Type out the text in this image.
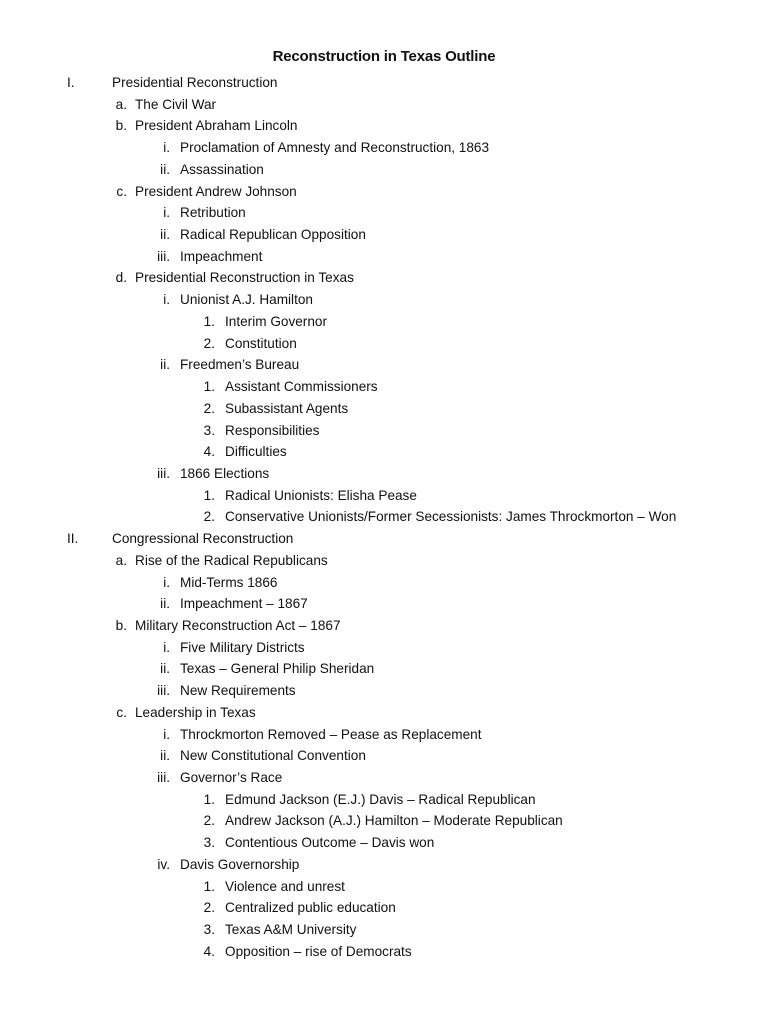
Reconstruction in Texas Outline
I.	Presidential Reconstruction
a. The Civil War
b. President Abraham Lincoln
i. Proclamation of Amnesty and Reconstruction, 1863
ii. Assassination
c. President Andrew Johnson
i. Retribution
ii. Radical Republican Opposition
iii. Impeachment
d. Presidential Reconstruction in Texas
i. Unionist A.J. Hamilton
1. Interim Governor
2. Constitution
ii. Freedmen’s Bureau
1. Assistant Commissioners
2. Subassistant Agents
3. Responsibilities
4. Difficulties
iii. 1866 Elections
1. Radical Unionists: Elisha Pease
2. Conservative Unionists/Former Secessionists: James Throckmorton – Won
II. Congressional Reconstruction
a. Rise of the Radical Republicans
i. Mid-Terms 1866
ii. Impeachment – 1867
b. Military Reconstruction Act – 1867
i. Five Military Districts
ii. Texas – General Philip Sheridan
iii. New Requirements
c. Leadership in Texas
i. Throckmorton Removed – Pease as Replacement
ii. New Constitutional Convention
iii. Governor’s Race
1. Edmund Jackson (E.J.) Davis – Radical Republican
2. Andrew Jackson (A.J.) Hamilton – Moderate Republican
3. Contentious Outcome – Davis won
iv. Davis Governorship
1. Violence and unrest
2. Centralized public education
3. Texas A&M University
4. Opposition – rise of Democrats
